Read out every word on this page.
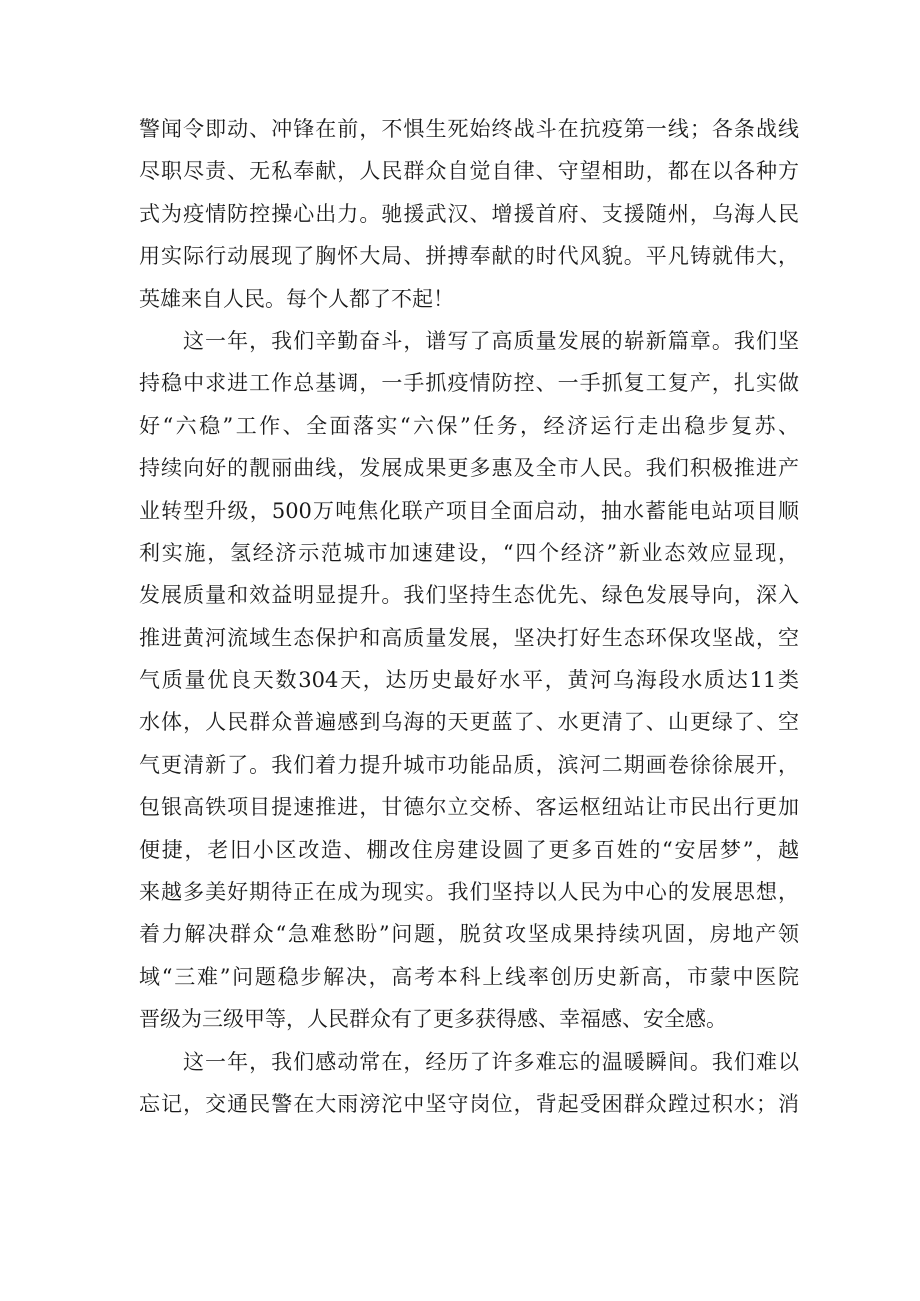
警闻令即动、冲锋在前，不惧生死始终战斗在抗疫第一线；各条战线
尽职尽责、无私奉献，人民群众自觉自律、守望相助，都在以各种方
式为疫情防控操心出力。驰援武汉、增援首府、支援随州，乌海人民
用实际行动展现了胸怀大局、拼搏奉献的时代风貌。平凡铸就伟大，
英雄来自人民。每个人都了不起！
这一年，我们辛勤奋斗，谱写了高质量发展的崭新篇章。我们坚
持稳中求进工作总基调，一手抓疫情防控、一手抓复工复产，扎实做
好“六稳”工作、全面落实“六保”任务，经济运行走出稳步复苏、
持续向好的靓丽曲线，发展成果更多惠及全市人民。我们积极推进产
业转型升级，500万吨焦化联产项目全面启动，抽水蓄能电站项目顺
利实施，氢经济示范城市加速建设，“四个经济”新业态效应显现，
发展质量和效益明显提升。我们坚持生态优先、绿色发展导向，深入
推进黄河流域生态保护和高质量发展，坚决打好生态环保攻坚战，空
气质量优良天数304天，达历史最好水平，黄河乌海段水质达11类
水体，人民群众普遍感到乌海的天更蓝了、水更清了、山更绿了、空
气更清新了。我们着力提升城市功能品质，滨河二期画卷徐徐展开，
包银高铁项目提速推进，甘德尔立交桥、客运枢纽站让市民出行更加
便捷，老旧小区改造、棚改住房建设圆了更多百姓的“安居梦”，越
来越多美好期待正在成为现实。我们坚持以人民为中心的发展思想，
着力解决群众“急难愁盼”问题，脱贫攻坚成果持续巩固，房地产领
域“三难”问题稳步解决，高考本科上线率创历史新高，市蒙中医院
晋级为三级甲等，人民群众有了更多获得感、幸福感、安全感。
这一年，我们感动常在，经历了许多难忘的温暖瞬间。我们难以
忘记，交通民警在大雨滂沱中坚守岗位，背起受困群众蹚过积水；消
